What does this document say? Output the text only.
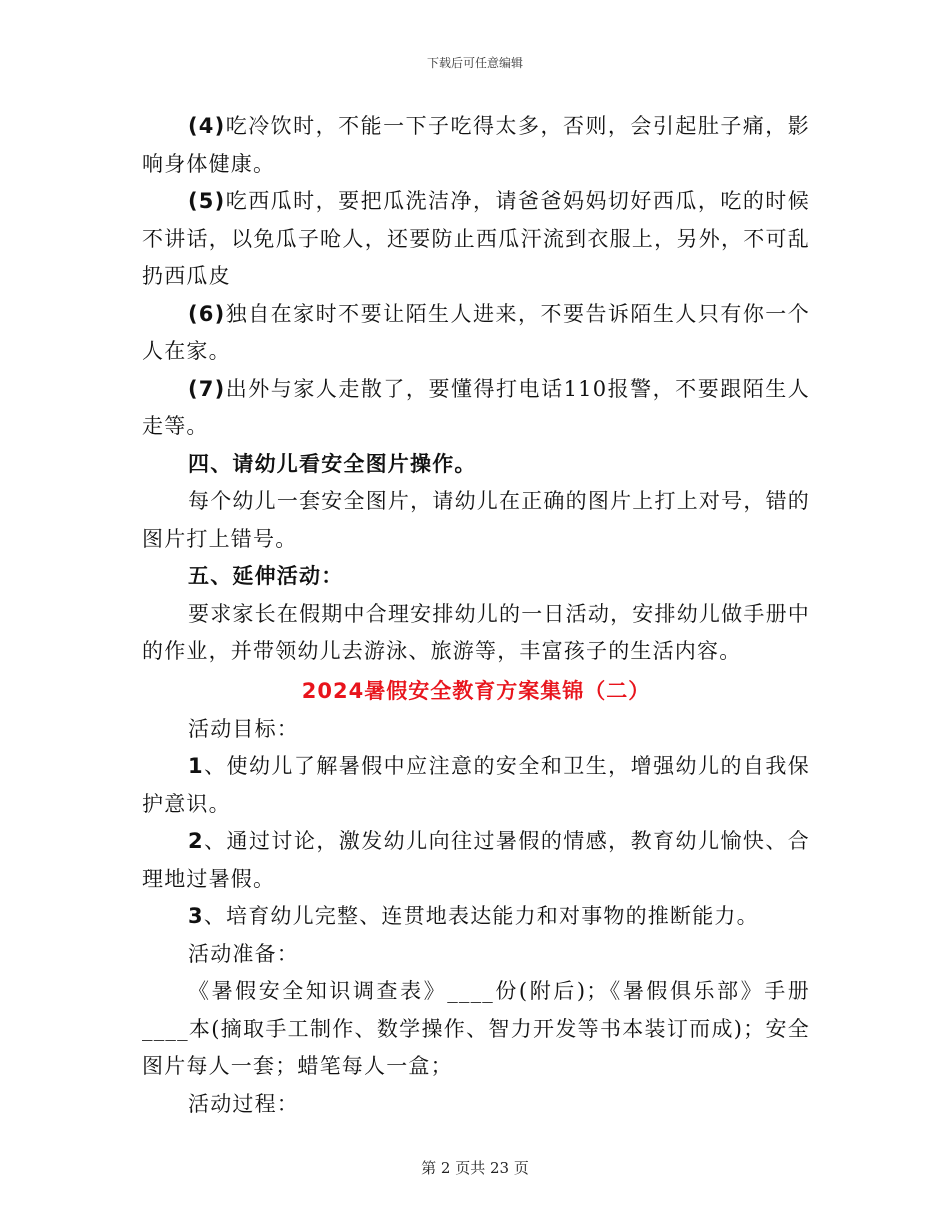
下载后可任意编辑

(4)吃冷饮时，不能一下子吃得太多，否则，会引起肚子痛，影响身体健康。

(5)吃西瓜时，要把瓜洗洁净，请爸爸妈妈切好西瓜，吃的时候不讲话，以免瓜子呛人，还要防止西瓜汗流到衣服上，另外，不可乱扔西瓜皮

(6)独自在家时不要让陌生人进来，不要告诉陌生人只有你一个人在家。

(7)出外与家人走散了，要懂得打电话110报警，不要跟陌生人走等。

四、请幼儿看安全图片操作。

每个幼儿一套安全图片，请幼儿在正确的图片上打上对号，错的图片打上错号。

五、延伸活动：

要求家长在假期中合理安排幼儿的一日活动，安排幼儿做手册中的作业，并带领幼儿去游泳、旅游等，丰富孩子的生活内容。

2024暑假安全教育方案集锦（二）

活动目标：

1、使幼儿了解暑假中应注意的安全和卫生，增强幼儿的自我保护意识。

2、通过讨论，激发幼儿向往过暑假的情感，教育幼儿愉快、合理地过暑假。

3、培育幼儿完整、连贯地表达能力和对事物的推断能力。

活动准备：

《暑假安全知识调查表》____份(附后)；《暑假俱乐部》手册____本(摘取手工制作、数学操作、智力开发等书本装订而成)；安全图片每人一套；蜡笔每人一盒；

活动过程：

第 2 页共 23 页
